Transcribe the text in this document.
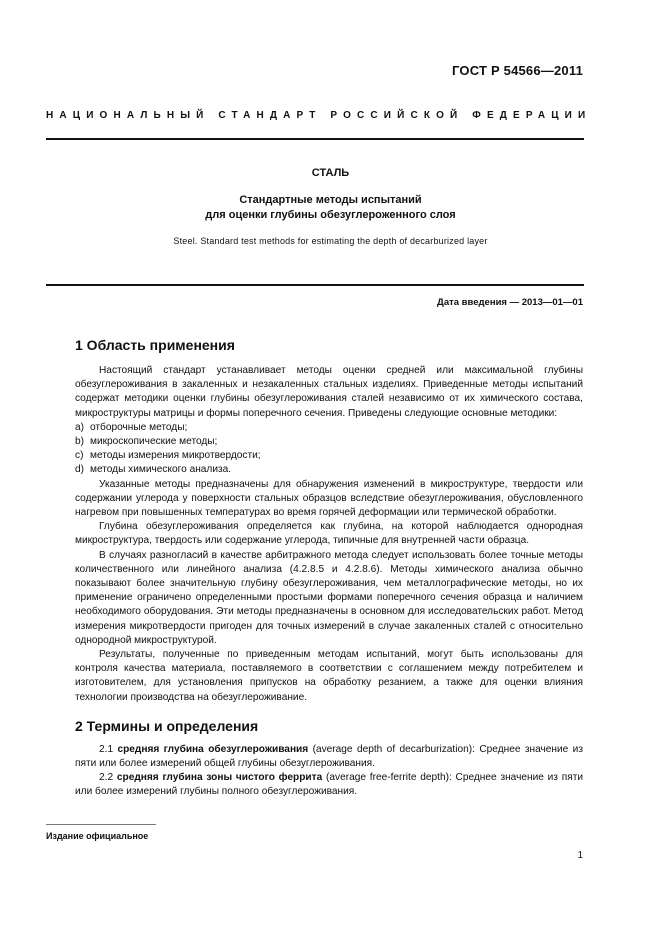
ГОСТ Р 54566—2011
НАЦИОНАЛЬНЫЙ СТАНДАРТ РОССИЙСКОЙ ФЕДЕРАЦИИ
СТАЛЬ
Стандартные методы испытаний
для оценки глубины обезуглероженного слоя
Steel. Standard test methods for estimating the depth of decarburized layer
Дата введения — 2013—01—01
1 Область применения

Настоящий стандарт устанавливает методы оценки средней или максимальной глубины обезуглероживания в закаленных и незакаленных стальных изделиях. Приведенные методы испытаний содержат методики оценки глубины обезуглероживания сталей независимо от их химического состава, микроструктуры матрицы и формы поперечного сечения. Приведены следующие основные методики:

a) отборочные методы;
b) микроскопические методы;
c) методы измерения микротвердости;
d) методы химического анализа.

Указанные методы предназначены для обнаружения изменений в микроструктуре, твердости или содержании углерода у поверхности стальных образцов вследствие обезуглероживания, обусловленного нагревом при повышенных температурах во время горячей деформации или термической обработки.

Глубина обезуглероживания определяется как глубина, на которой наблюдается однородная микроструктура, твердость или содержание углерода, типичные для внутренней части образца.

В случаях разногласий в качестве арбитражного метода следует использовать более точные методы количественного или линейного анализа (4.2.8.5 и 4.2.8.6). Методы химического анализа обычно показывают более значительную глубину обезуглероживания, чем металлографические методы, но их применение ограничено определенными простыми формами поперечного сечения образца и наличием необходимого оборудования. Эти методы предназначены в основном для исследовательских работ. Метод измерения микротвердости пригоден для точных измерений в случае закаленных сталей с относительно однородной микроструктурой.

Результаты, полученные по приведенным методам испытаний, могут быть использованы для контроля качества материала, поставляемого в соответствии с соглашением между потребителем и изготовителем, для установления припусков на обработку резанием, а также для оценки влияния технологии производства на обезуглероживание.

2 Термины и определения

2.1 средняя глубина обезуглероживания (average depth of decarburization): Среднее значение из пяти или более измерений общей глубины обезуглероживания.

2.2 средняя глубина зоны чистого феррита (average free-ferrite depth): Среднее значение из пяти или более измерений глубины полного обезуглероживания.

Издание официальное
1
